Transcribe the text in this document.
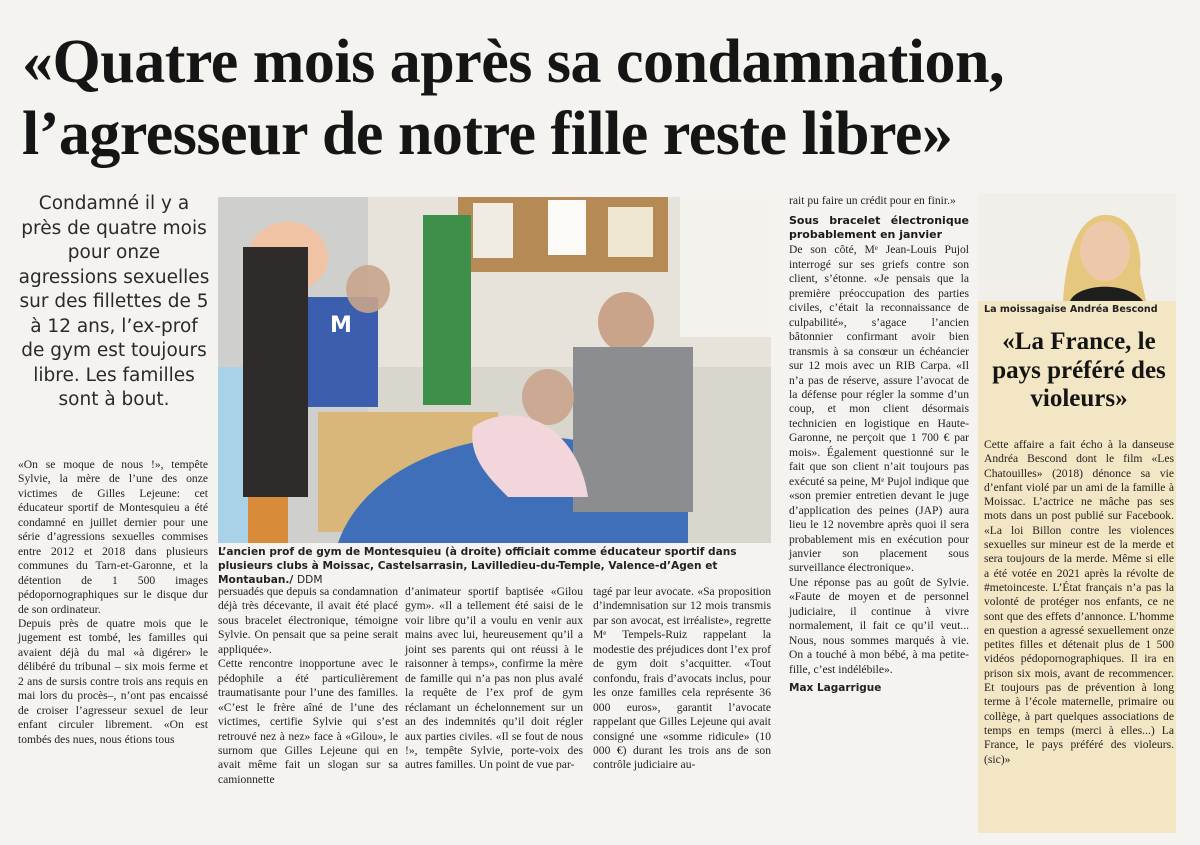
«Quatre mois après sa condamnation,
l’agresseur de notre fille reste libre»
Condamné il y a près de quatre mois pour onze agressions sexuelles sur des fillettes de 5 à 12 ans, l’ex-prof de gym est toujours libre. Les familles sont à bout.

«On se moque de nous !», tempête Sylvie, la mère de l’une des onze victimes de Gilles Lejeune: cet éducateur sportif de Montesquieu a été condamné en juillet dernier pour une série d’agressions sexuelles commises entre 2012 et 2018 dans plusieurs communes du Tarn-et-Garonne, et la détention de 1 500 images pédopornographiques sur le disque dur de son ordinateur.

Depuis près de quatre mois que le jugement est tombé, les familles qui avaient déjà du mal «à digérer» le délibéré du tribunal – six mois ferme et 2 ans de sursis contre trois ans requis en mai lors du procès–, n’ont pas encaissé de croiser l’agresseur sexuel de leur enfant circuler librement. «On est tombés des nues, nous étions tous

M
L’ancien prof de gym de Montesquieu (à droite) officiait comme éducateur sportif dans plusieurs clubs à Moissac, Castelsarrasin, Lavilledieu-du-Temple, Valence-d’Agen et Montauban./ DDM

persuadés que depuis sa condamnation déjà très décevante, il avait été placé sous bracelet électronique, témoigne Sylvie. On pensait que sa peine serait appliquée».

Cette rencontre inopportune avec le pédophile a été particulièrement traumatisante pour l’une des familles. «C’est le frère aîné de l’une des victimes, certifie Sylvie qui s’est retrouvé nez à nez» face à «Gilou», le surnom que Gilles Lejeune qui en avait même fait un slogan sur sa camionnette

d’animateur sportif baptisée «Gilou gym». «Il a tellement été saisi de le voir libre qu’il a voulu en venir aux mains avec lui, heureusement qu’il a joint ses parents qui ont réussi à le raisonner à temps», confirme la mère de famille qui n’a pas non plus avalé la requête de l’ex prof de gym réclamant un échelonnement sur un an des indemnités qu’il doit régler aux parties civiles. «Il se fout de nous !», tempête Sylvie, porte-voix des autres familles. Un point de vue par-

tagé par leur avocate. «Sa proposition d’indemnisation sur 12 mois transmis par son avocat, est irréaliste», regrette Mᵉ Tempels-Ruiz rappelant la modestie des préjudices dont l’ex prof de gym doit s’acquitter. «Tout confondu, frais d’avocats inclus, pour les onze familles cela représente 36 000 euros», garantit l’avocate rappelant que Gilles Lejeune qui avait consigné une «somme ridicule» (10 000 €) durant les trois ans de son contrôle judiciaire au-

rait pu faire un crédit pour en finir.»

Sous bracelet électronique probablement en janvier

De son côté, Mᵉ Jean-Louis Pujol interrogé sur ses griefs contre son client, s’étonne. «Je pensais que la première préoccupation des parties civiles, c’était la reconnaissance de culpabilité», s’agace l’ancien bâtonnier confirmant avoir bien transmis à sa consœur un échéancier sur 12 mois avec un RIB Carpa. «Il n’a pas de réserve, assure l’avocat de la défense pour régler la somme d’un coup, et mon client désormais technicien en logistique en Haute-Garonne, ne perçoit que 1 700 € par mois». Également questionné sur le fait que son client n’ait toujours pas exécuté sa peine, Mᵉ Pujol indique que «son premier entretien devant le juge d’application des peines (JAP) aura lieu le 12 novembre après quoi il sera probablement mis en exécution pour janvier son placement sous surveillance électronique».

Une réponse pas au goût de Sylvie. «Faute de moyen et de personnel judiciaire, il continue à vivre normalement, il fait ce qu’il veut... Nous, nous sommes marqués à vie. On a touché à mon bébé, à ma petite-fille, c’est indélébile».

Max Lagarrigue

La moissagaise Andréa Bescond
«La France, le pays préféré des violeurs»

Cette affaire a fait écho à la danseuse Andréa Bescond dont le film «Les Chatouilles» (2018) dénonce sa vie d’enfant violé par un ami de la famille à Moissac. L’actrice ne mâche pas ses mots dans un post publié sur Facebook. «La loi Billon contre les violences sexuelles sur mineur est de la merde et sera toujours de la merde. Même si elle a été votée en 2021 après la révolte de #metoinceste. L’État français n’a pas la volonté de protéger nos enfants, ce ne sont que des effets d’annonce. L’homme en question a agressé sexuellement onze petites filles et détenait plus de 1 500 vidéos pédopornographiques. Il ira en prison six mois, avant de recommencer. Et toujours pas de prévention à long terme à l’école maternelle, primaire ou collège, à part quelques associations de temps en temps (merci à elles...) La France, le pays préféré des violeurs. (sic)»
